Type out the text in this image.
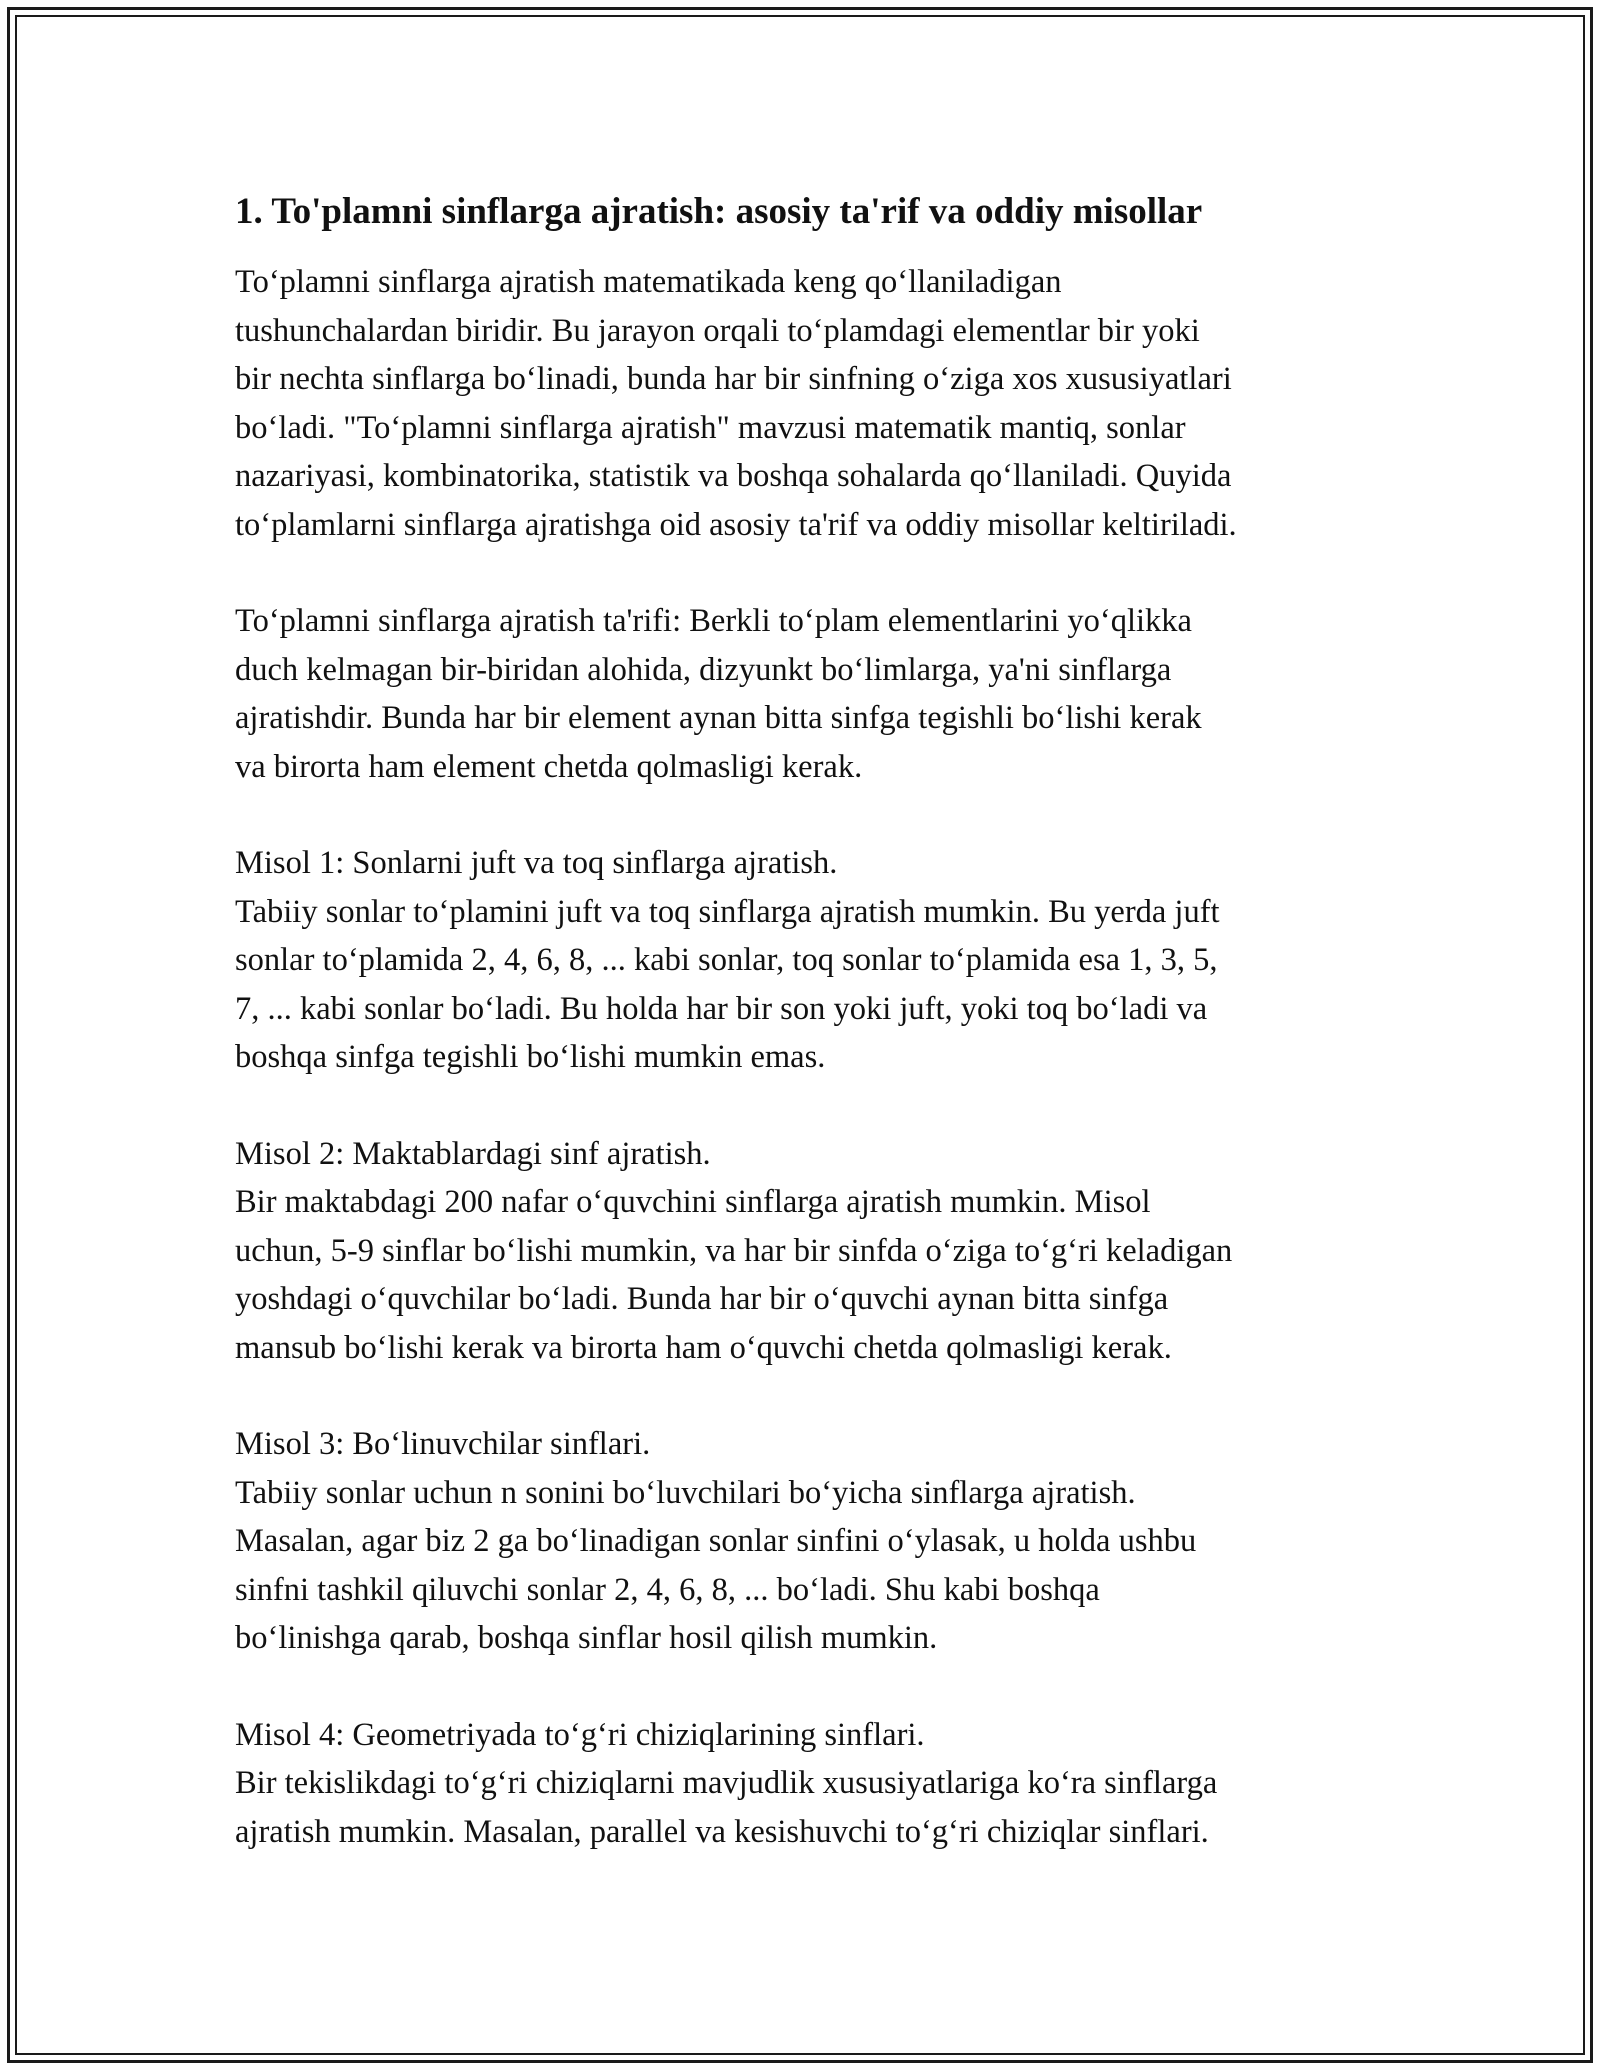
1. To'plamni sinflarga ajratish: asosiy ta'rif va oddiy misollar

To‘plamni sinflarga ajratish matematikada keng qo‘llaniladigan
tushunchalardan biridir. Bu jarayon orqali to‘plamdagi elementlar bir yoki
bir nechta sinflarga bo‘linadi, bunda har bir sinfning o‘ziga xos xususiyatlari
bo‘ladi. "To‘plamni sinflarga ajratish" mavzusi matematik mantiq, sonlar
nazariyasi, kombinatorika, statistik va boshqa sohalarda qo‘llaniladi. Quyida
to‘plamlarni sinflarga ajratishga oid asosiy ta'rif va oddiy misollar keltiriladi.

To‘plamni sinflarga ajratish ta'rifi: Berkli to‘plam elementlarini yo‘qlikka
duch kelmagan bir-biridan alohida, dizyunkt bo‘limlarga, ya'ni sinflarga
ajratishdir. Bunda har bir element aynan bitta sinfga tegishli bo‘lishi kerak
va birorta ham element chetda qolmasligi kerak.

Misol 1: Sonlarni juft va toq sinflarga ajratish.
Tabiiy sonlar to‘plamini juft va toq sinflarga ajratish mumkin. Bu yerda juft
sonlar to‘plamida 2, 4, 6, 8, ... kabi sonlar, toq sonlar to‘plamida esa 1, 3, 5,
7, ... kabi sonlar bo‘ladi. Bu holda har bir son yoki juft, yoki toq bo‘ladi va
boshqa sinfga tegishli bo‘lishi mumkin emas.

Misol 2: Maktablardagi sinf ajratish.
Bir maktabdagi 200 nafar o‘quvchini sinflarga ajratish mumkin. Misol
uchun, 5-9 sinflar bo‘lishi mumkin, va har bir sinfda o‘ziga to‘g‘ri keladigan
yoshdagi o‘quvchilar bo‘ladi. Bunda har bir o‘quvchi aynan bitta sinfga
mansub bo‘lishi kerak va birorta ham o‘quvchi chetda qolmasligi kerak.

Misol 3: Bo‘linuvchilar sinflari.
Tabiiy sonlar uchun n sonini bo‘luvchilari bo‘yicha sinflarga ajratish.
Masalan, agar biz 2 ga bo‘linadigan sonlar sinfini o‘ylasak, u holda ushbu
sinfni tashkil qiluvchi sonlar 2, 4, 6, 8, ... bo‘ladi. Shu kabi boshqa
bo‘linishga qarab, boshqa sinflar hosil qilish mumkin.

Misol 4: Geometriyada to‘g‘ri chiziqlarining sinflari.
Bir tekislikdagi to‘g‘ri chiziqlarni mavjudlik xususiyatlariga ko‘ra sinflarga
ajratish mumkin. Masalan, parallel va kesishuvchi to‘g‘ri chiziqlar sinflari.
